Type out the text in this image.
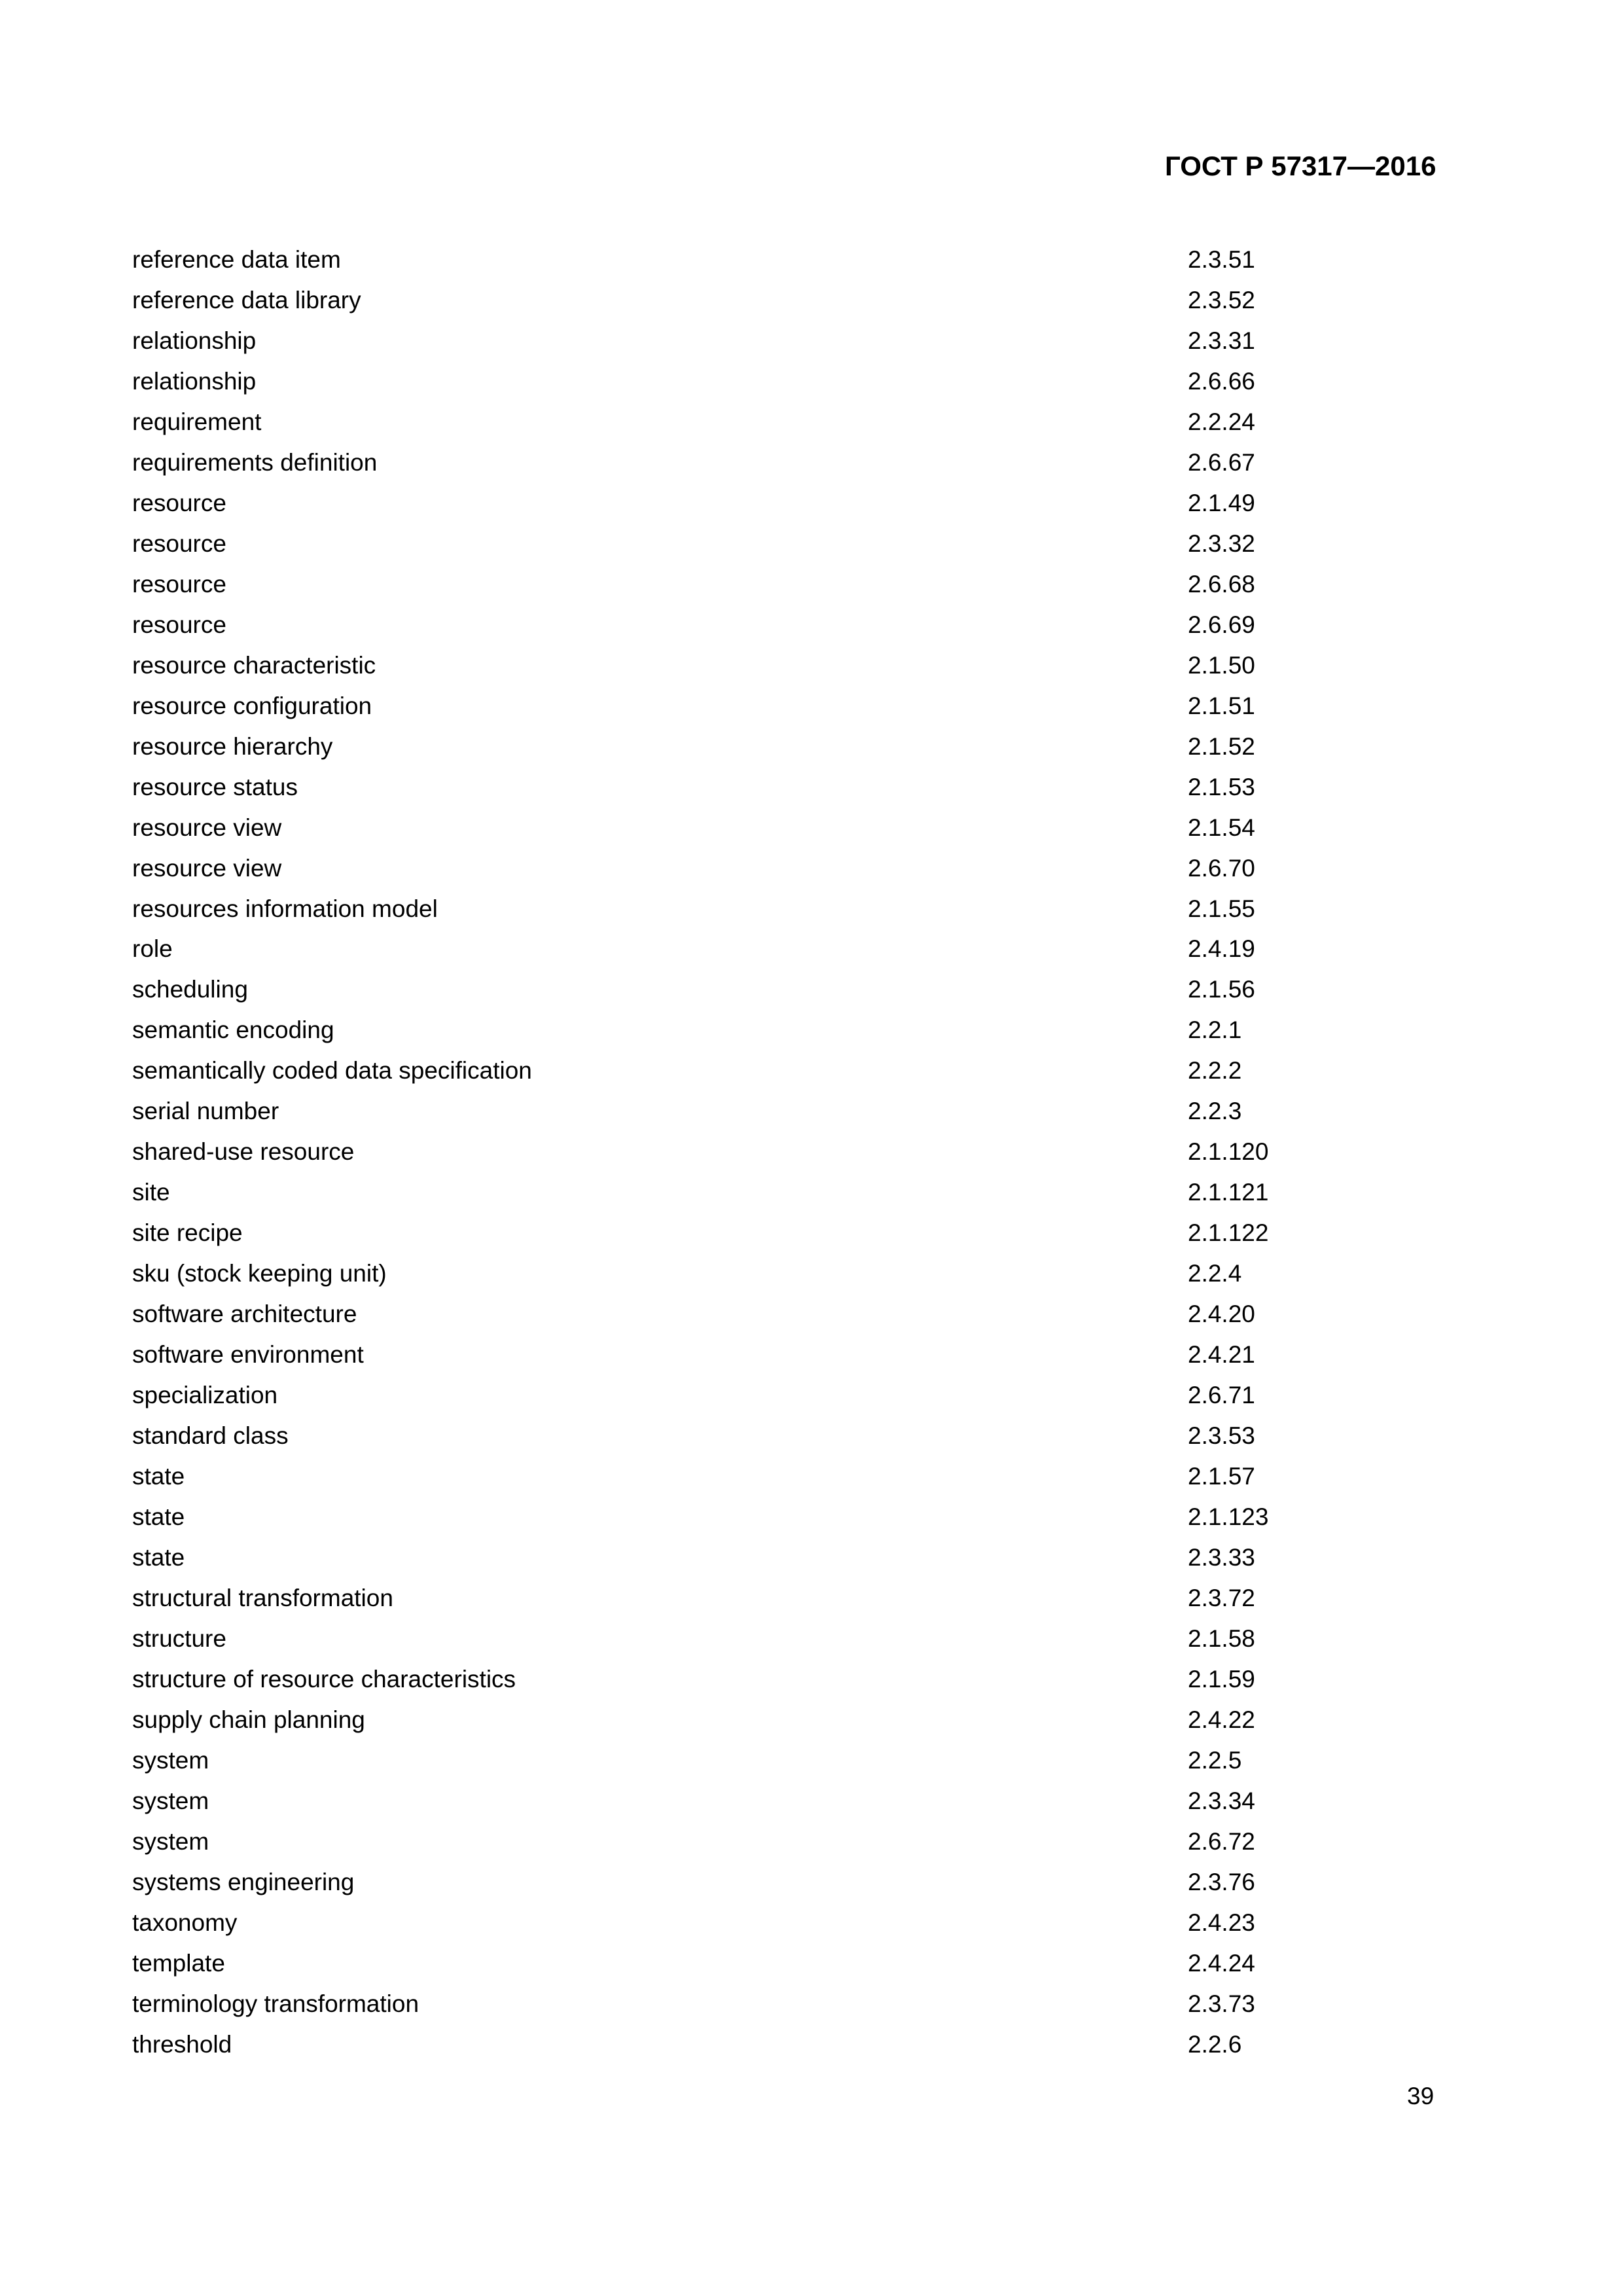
ГОСТ Р 57317—2016
reference data item	2.3.51
reference data library	2.3.52
relationship	2.3.31
relationship	2.6.66
requirement	2.2.24
requirements definition	2.6.67
resource	2.1.49
resource	2.3.32
resource	2.6.68
resource	2.6.69
resource characteristic	2.1.50
resource configuration	2.1.51
resource hierarchy	2.1.52
resource status	2.1.53
resource view	2.1.54
resource view	2.6.70
resources information model	2.1.55
role	2.4.19
scheduling	2.1.56
semantic encoding	2.2.1
semantically coded data specification	2.2.2
serial number	2.2.3
shared-use resource	2.1.120
site	2.1.121
site recipe	2.1.122
sku (stock keeping unit)	2.2.4
software architecture	2.4.20
software environment	2.4.21
specialization	2.6.71
standard class	2.3.53
state	2.1.57
state	2.1.123
state	2.3.33
structural transformation	2.3.72
structure	2.1.58
structure of resource characteristics	2.1.59
supply chain planning	2.4.22
system	2.2.5
system	2.3.34
system	2.6.72
systems engineering	2.3.76
taxonomy	2.4.23
template	2.4.24
terminology transformation	2.3.73
threshold	2.2.6
39
